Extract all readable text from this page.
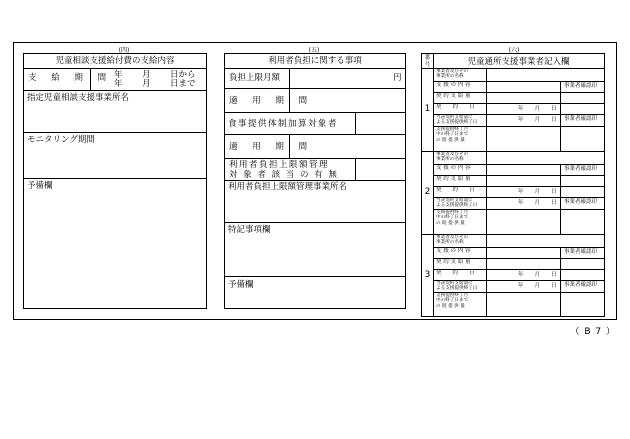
(四)
児童相談支援給付費の支給内容
支 給 期 間 年 月 日から
年 月 日まで
指定児童相談支援事業所名
モニタリング期間
予備欄
(五)
利用者負担に関する事項
負担上限月額	円
適 用 期 間
食事提供体制加算対象者
適 用 期 間
利用者負担上限額管理
対 象 者 該 当 の 有 無
利用者負担上限額管理事業所名
特記事項欄
予備欄
(六)
番号	児童通所支援事業者記入欄
1
事業者及びその
事業所の名称
支 援 の 内 容
契 約 支 給 量
契　　約　　日
当該契約支給量に
よる支援提供終了日
支援提供終了月
中の終了日まで
の 既 提 供 量
事業者確認印
事業者確認印
年　　月　　日
年　　月　　日
2
事業者及びその
事業所の名称
支 援 の 内 容
契 約 支 給 量
契　　約　　日
当該契約支給量に
よる支援提供終了日
支援提供終了月
中の終了日まで
の 既 提 供 量
事業者確認印
事業者確認印
年　　月　　日
年　　月　　日
3
事業者及びその
事業所の名称
支 援 の 内 容
契 約 支 給 量
契　　約　　日
当該契約支給量に
よる支援提供終了日
支援提供終了月
中の終了日まで
の 既 提 供 量
事業者確認印
事業者確認印
年　　月　　日
年　　月　　日
（ B 7 ）
